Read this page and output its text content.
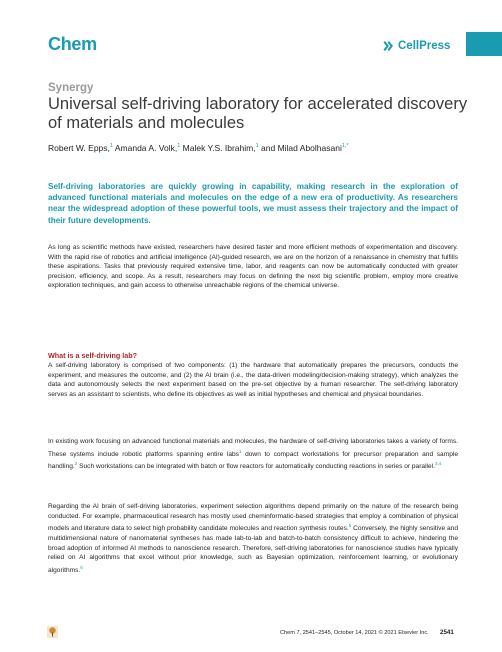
Chem	CellPress
Synergy
Universal self-driving laboratory for accelerated discovery of materials and molecules
Robert W. Epps,$^1$ Amanda A. Volk,$^1$ Malek Y.S. Ibrahim,$^1$ and Milad Abolhasani$^{1,*}$
Self-driving laboratories are quickly growing in capability, making research in the exploration of advanced functional materials and molecules on the edge of a new era of productivity. As researchers near the widespread adoption of these powerful tools, we must assess their trajectory and the impact of their future developments.
As long as scientific methods have existed, researchers have desired faster and more efficient methods of experimentation and discovery. With the rapid rise of robotics and artificial intelligence (AI)-guided research, we are on the horizon of a renaissance in chemistry that fulfills these aspirations. Tasks that previously required extensive time, labor, and reagents can now be automatically conducted with greater precision, efficiency, and scope. As a result, researchers may focus on defining the next big scientific problem, employ more creative exploration techniques, and gain access to otherwise unreachable regions of the chemical universe.
What is a self-driving lab?
A self-driving laboratory is comprised of two components: (1) the hardware that automatically prepares the precursors, conducts the experiment, and measures the outcome, and (2) the AI brain (i.e., the data-driven modeling/decision-making strategy), which analyzes the data and autonomously selects the next experiment based on the pre-set objective by a human researcher. The self-driving laboratory serves as an assistant to scientists, who define its objectives as well as initial hypotheses and chemical and physical boundaries.
In existing work focusing on advanced functional materials and molecules, the hardware of self-driving laboratories takes a variety of forms. These systems include robotic platforms spanning entire labs$^1$ down to compact workstations for precursor preparation and sample handling.$^2$ Such workstations can be integrated with batch or flow reactors for automatically conducting reactions in series or parallel.$^{3,4}$
Regarding the AI brain of self-driving laboratories, experiment selection algorithms depend primarily on the nature of the research being conducted. For example, pharmaceutical research has mostly used cheminformatic-based strategies that employ a combination of physical models and literature data to select high probability candidate molecules and reaction synthesis routes.$^5$ Conversely, the highly sensitive and multidimensional nature of nanomaterial syntheses has made lab-to-lab and batch-to-batch consistency difficult to achieve, hindering the broad adoption of informed AI methods to nanoscience research. Therefore, self-driving laboratories for nanoscience studies have typically relied on AI algorithms that excel without prior knowledge, such as Bayesian optimization, reinforcement learning, or evolutionary algorithms.$^6$
Chem 7, 2541–2545, October 14, 2021 © 2021 Elsevier Inc. 2541
